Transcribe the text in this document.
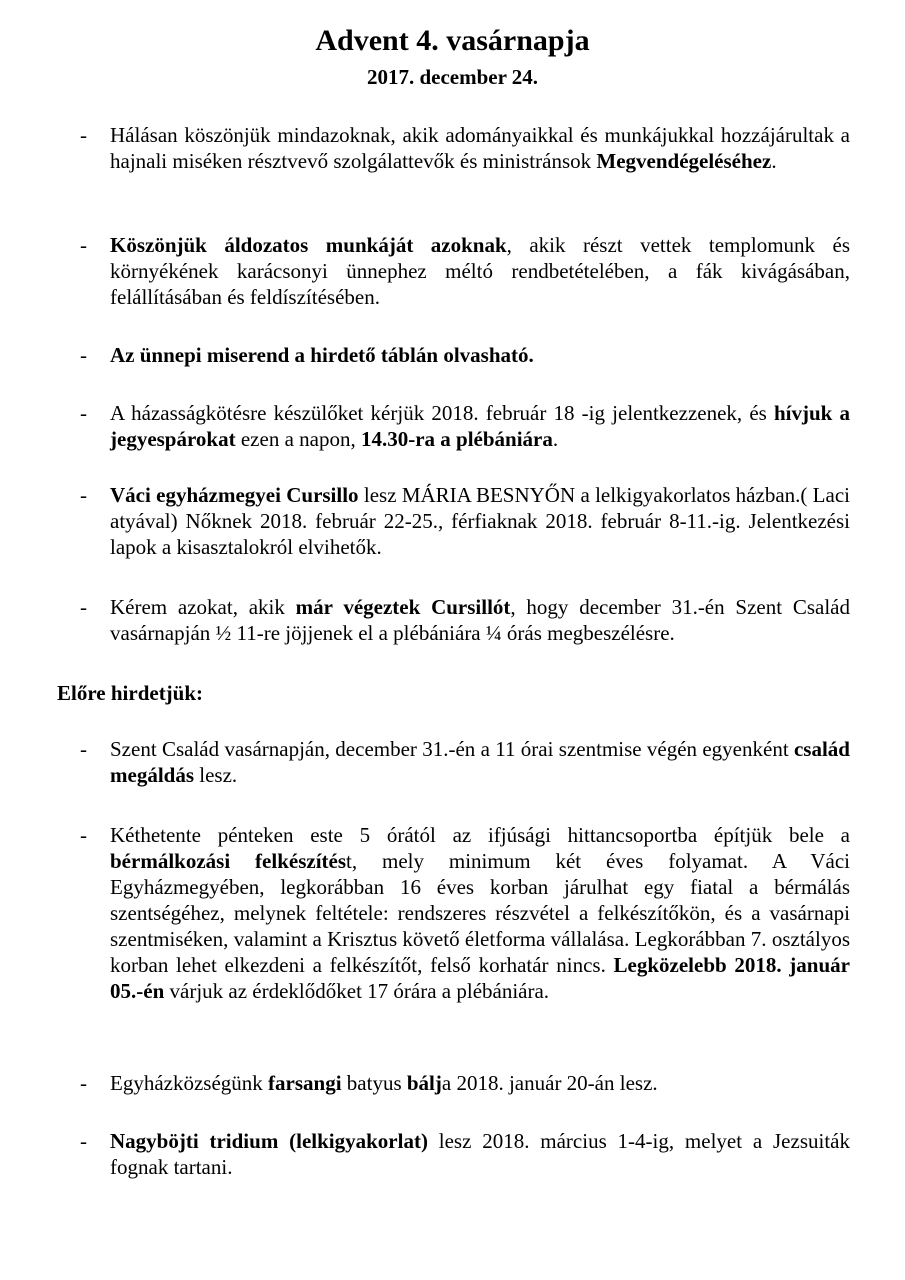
Advent 4. vasárnapja
2017. december 24.
- Hálásan köszönjük mindazoknak, akik adományaikkal és munkájukkal hozzájárultak a hajnali miséken résztvevő szolgálattevők és ministránsok Megvendégeléséhez.
- Köszönjük áldozatos munkáját azoknak, akik részt vettek templomunk és környékének karácsonyi ünnephez méltó rendbetételében, a fák kivágásában, felállításában és feldíszítésében.
- Az ünnepi miserend a hirdető táblán olvasható.
- A házasságkötésre készülőket kérjük 2018. február 18 -ig jelentkezzenek, és hívjuk a jegyespárokat ezen a napon, 14.30-ra a plébániára.
- Váci egyházmegyei Cursillo lesz MÁRIA BESNYŐN a lelkigyakorlatos házban.( Laci atyával) Nőknek 2018. február 22-25., férfiaknak 2018. február 8-11.-ig. Jelentkezési lapok a kisasztalokról elvihetők.
- Kérem azokat, akik már végeztek Cursillót, hogy december 31.-én Szent Család vasárnapján ½ 11-re jöjjenek el a plébániára ¼ órás megbeszélésre.
Előre hirdetjük:
- Szent Család vasárnapján, december 31.-én a 11 órai szentmise végén egyenként család megáldás lesz.
- Kéthetente pénteken este 5 órától az ifjúsági hittancsoportba építjük bele a bérmálkozási felkészítést, mely minimum két éves folyamat. A Váci Egyházmegyében, legkorábban 16 éves korban járulhat egy fiatal a bérmálás szentségéhez, melynek feltétele: rendszeres részvétel a felkészítőkön, és a vasárnapi szentmiséken, valamint a Krisztus követő életforma vállalása. Legkorábban 7. osztályos korban lehet elkezdeni a felkészítőt, felső korhatár nincs. Legközelebb 2018. január 05.-én várjuk az érdeklődőket 17 órára a plébániára.
- Egyházközségünk farsangi batyus bálja 2018. január 20-án lesz.
- Nagyböjti tridium (lelkigyakorlat) lesz 2018. március 1-4-ig, melyet a Jezsuiták fognak tartani.
